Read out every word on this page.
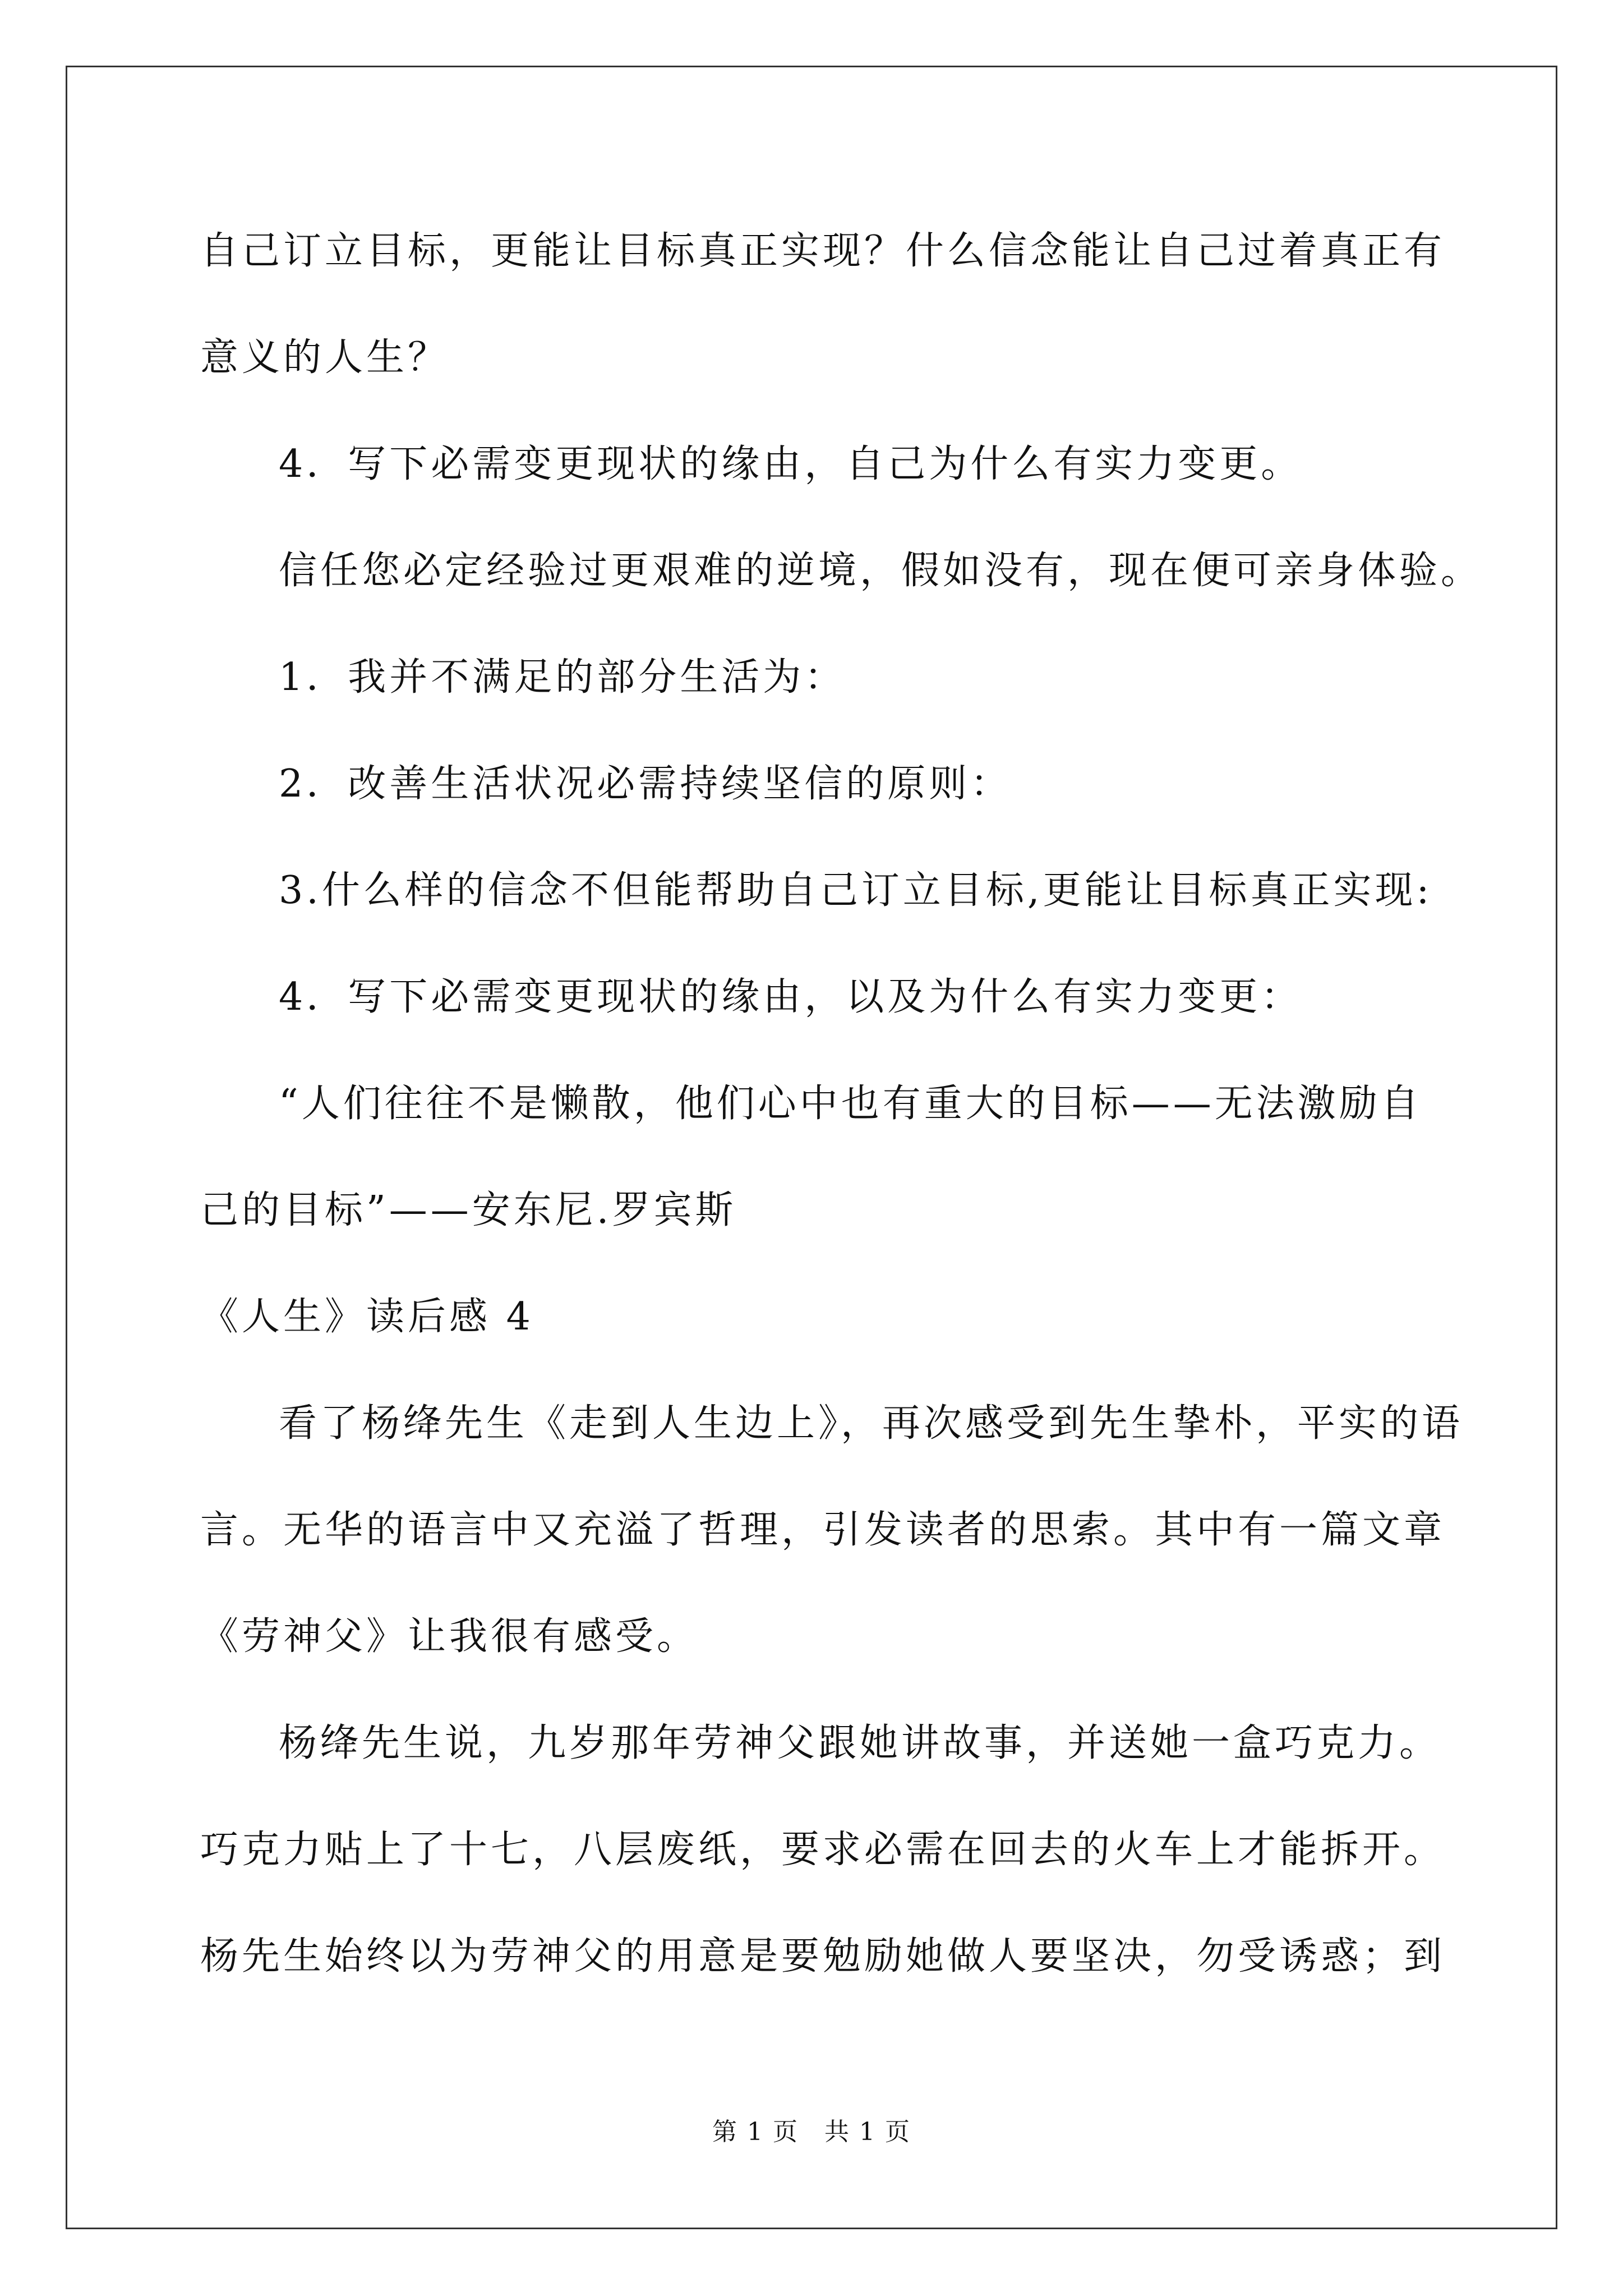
自己订立目标，更能让目标真正实现？什么信念能让自己过着真正有
意义的人生？
4．写下必需变更现状的缘由，自己为什么有实力变更。
信任您必定经验过更艰难的逆境，假如没有，现在便可亲身体验。
1．我并不满足的部分生活为：
2．改善生活状况必需持续坚信的原则：
3.什么样的信念不但能帮助自己订立目标,更能让目标真正实现:
4．写下必需变更现状的缘由，以及为什么有实力变更：
“人们往往不是懒散，他们心中也有重大的目标——无法激励自
己的目标”——安东尼.罗宾斯
《人生》读后感 4
看了杨绛先生《走到人生边上》，再次感受到先生挚朴，平实的语
言。无华的语言中又充溢了哲理，引发读者的思索。其中有一篇文章
《劳神父》让我很有感受。
杨绛先生说，九岁那年劳神父跟她讲故事，并送她一盒巧克力。
巧克力贴上了十七，八层废纸，要求必需在回去的火车上才能拆开。
杨先生始终以为劳神父的用意是要勉励她做人要坚决，勿受诱惑；到
第 1 页　共 1 页
